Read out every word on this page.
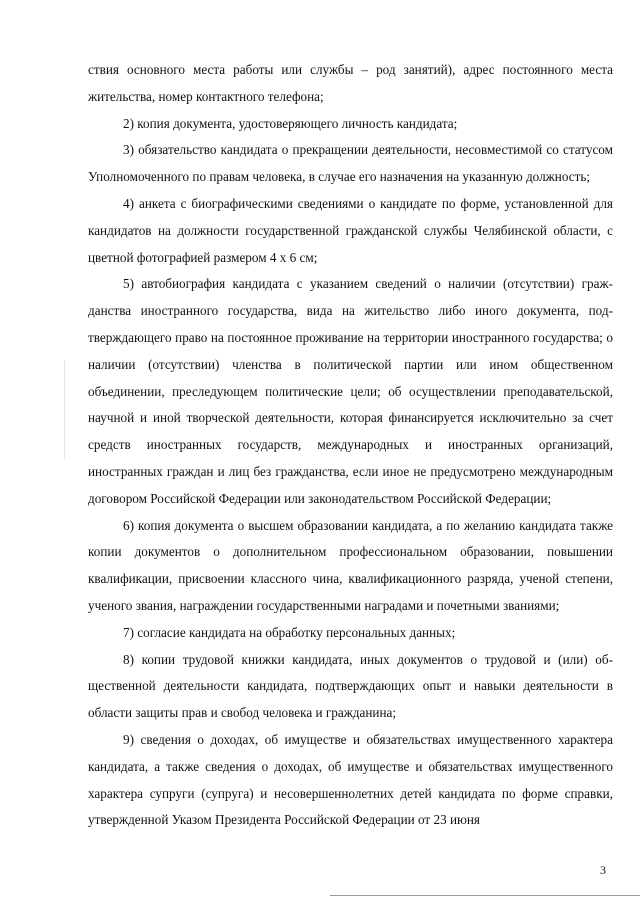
ствия основного места работы или службы – род занятий), адрес постоянного места жительства, номер контактного телефона;

2) копия документа, удостоверяющего личность кандидата;

3) обязательство кандидата о прекращении деятельности, несовместимой со статусом Уполномоченного по правам человека, в случае его назначения на указанную должность;

4) анкета с биографическими сведениями о кандидате по форме, установленной для кандидатов на должности государственной гражданской службы Челябинской области, с цветной фотографией размером 4 х 6 см;

5) автобиография кандидата с указанием сведений о наличии (отсутствии) гражданства иностранного государства, вида на жительство либо иного документа, подтверждающего право на постоянное проживание на территории иностранного государства; о наличии (отсутствии) членства в политической партии или ином общественном объединении, преследующем политические цели; об осуществлении преподавательской, научной и иной творческой деятельности, которая финансируется исключительно за счет средств иностранных государств, международных и иностранных организаций, иностранных граждан и лиц без гражданства, если иное не предусмотрено международным договором Российской Федерации или законодательством Российской Федерации;

6) копия документа о высшем образовании кандидата, а по желанию кандидата также копии документов о дополнительном профессиональном образовании, повышении квалификации, присвоении классного чина, квалификационного разряда, ученой степени, ученого звания, награждении государственными наградами и почетными званиями;

7) согласие кандидата на обработку персональных данных;

8) копии трудовой книжки кандидата, иных документов о трудовой и (или) общественной деятельности кандидата, подтверждающих опыт и навыки деятельности в области защиты прав и свобод человека и гражданина;

9) сведения о доходах, об имуществе и обязательствах имущественного характера кандидата, а также сведения о доходах, об имуществе и обязательствах имущественного характера супруги (супруга) и несовершеннолетних детей кандидата по форме справки, утвержденной Указом Президента Российской Федерации от 23 июня

3
